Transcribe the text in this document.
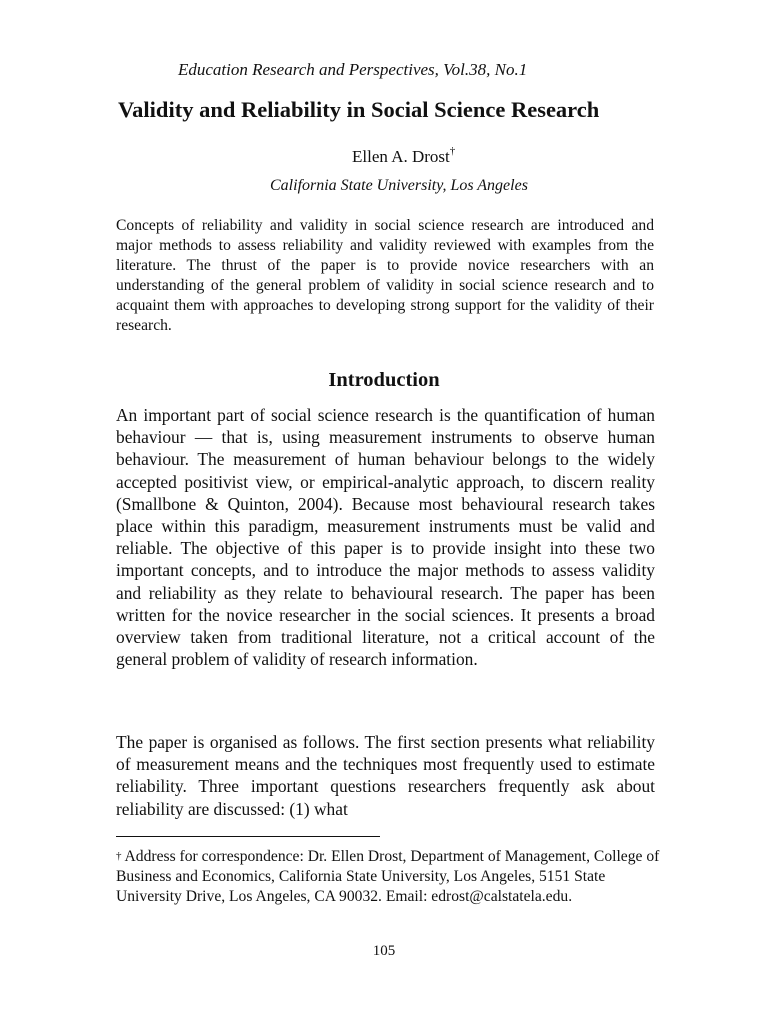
Education Research and Perspectives, Vol.38, No.1
Validity and Reliability in Social Science Research
Ellen A. Drost†
California State University, Los Angeles

Concepts of reliability and validity in social science research are introduced and major methods to assess reliability and validity reviewed with examples from the literature. The thrust of the paper is to provide novice researchers with an understanding of the general problem of validity in social science research and to acquaint them with approaches to developing strong support for the validity of their research.

Introduction

An important part of social science research is the quantification of human behaviour — that is, using measurement instruments to observe human behaviour. The measurement of human behaviour belongs to the widely accepted positivist view, or empirical-analytic approach, to discern reality (Smallbone & Quinton, 2004). Because most behavioural research takes place within this paradigm, measurement instruments must be valid and reliable. The objective of this paper is to provide insight into these two important concepts, and to introduce the major methods to assess validity and reliability as they relate to behavioural research. The paper has been written for the novice researcher in the social sciences. It presents a broad overview taken from traditional literature, not a critical account of the general problem of validity of research information.

The paper is organised as follows. The first section presents what reliability of measurement means and the techniques most frequently used to estimate reliability. Three important questions researchers frequently ask about reliability are discussed: (1) what

† Address for correspondence: Dr. Ellen Drost, Department of Management, College of Business and Economics, California State University, Los Angeles, 5151 State University Drive, Los Angeles, CA 90032. Email: edrost@calstatela.edu.

105
